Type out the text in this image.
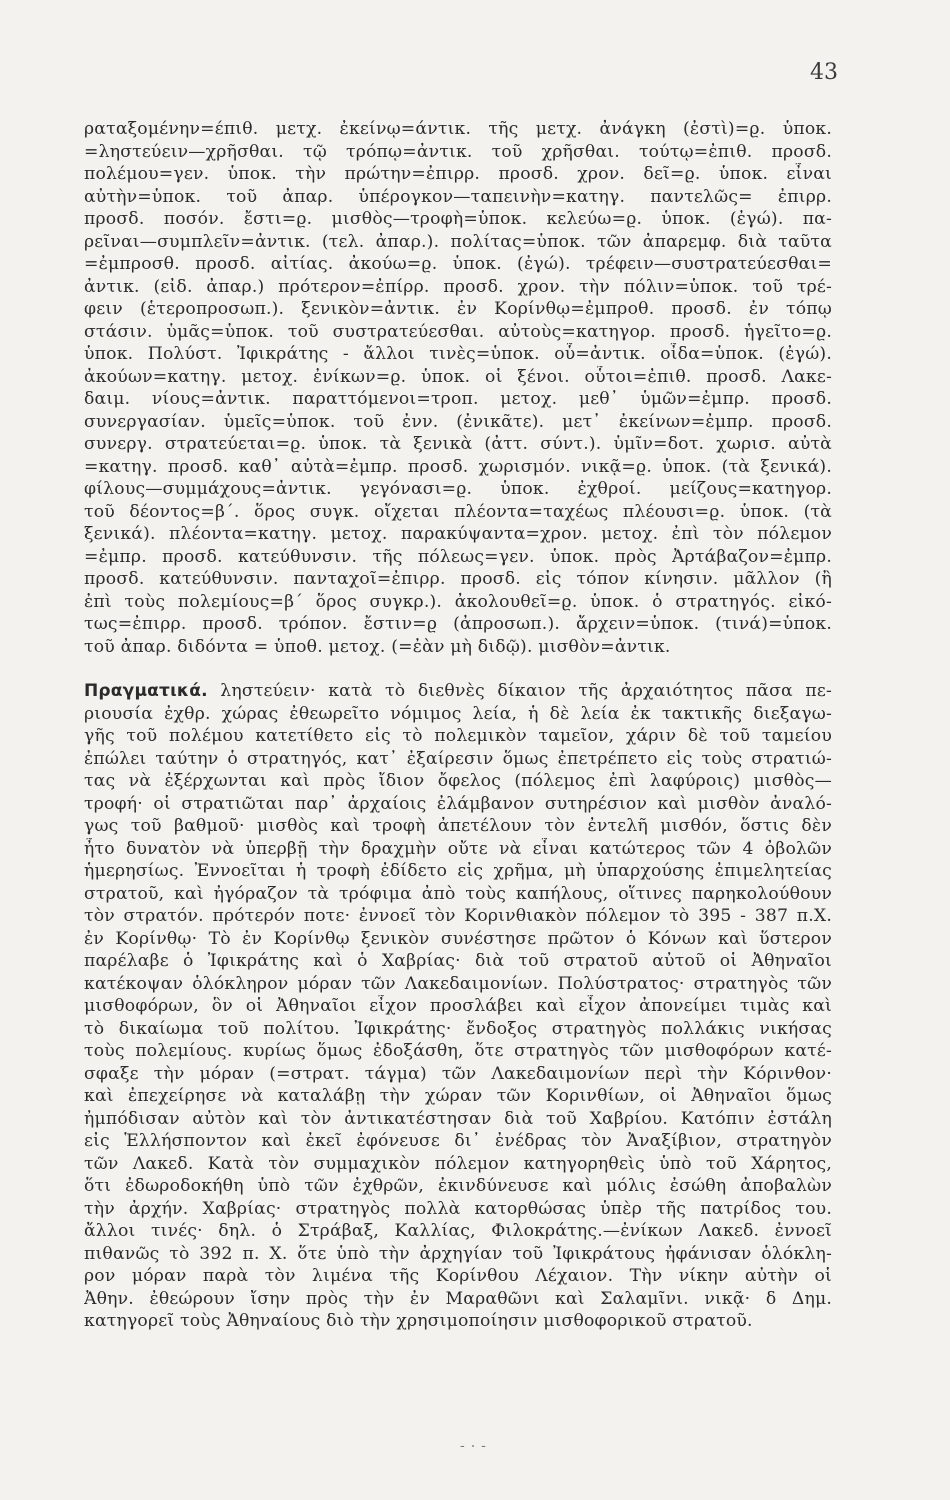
43
ραταξομένην=έπιθ. μετχ. ἐκείνῳ=άντικ. τῆς μετχ. ἀνάγκη (ἐστὶ)=ϱ. ὑποκ.
=ληστεύειν—χρῆσθαι. τῷ τρόπῳ=ἀντικ. τοῦ χρῆσθαι. τούτῳ=ἐπιθ. προσδ.
πολέμου=γεν. ὑποκ. τὴν πρώτην=ἐπιρρ. προσδ. χρον. δεῖ=ϱ. ὑποκ. εἶναι
αὐτὴν=ὑποκ. τοῦ ἀπαρ. ὑπέρογκον—ταπεινὴν=κατηγ. παντελῶς= ἐπιρρ.
προσδ. ποσόν. ἔστι=ϱ. μισθὸς—τροφὴ=ὑποκ. κελεύω=ϱ. ὑποκ. (ἐγώ). πα-
ρεῖναι—συμπλεῖν=ἀντικ. (τελ. ἀπαρ.). πολίτας=ὑποκ. τῶν ἀπαρεμφ. διὰ ταῦτα
=ἐμπροσθ. προσδ. αἰτίας. ἀκούω=ϱ. ὑποκ. (ἐγώ). τρέφειν—συστρατεύεσθαι=
ἀντικ. (εἰδ. ἀπαρ.) πρότερον=ἐπίρρ. προσδ. χρον. τὴν πόλιν=ὑποκ. τοῦ τρέ-
φειν (ἑτεροπροσωπ.). ξενικὸν=ἀντικ. ἐν Κορίνθῳ=ἐμπροθ. προσδ. ἐν τόπῳ
στάσιν. ὑμᾶς=ὑποκ. τοῦ συστρατεύεσθαι. αὐτοὺς=κατηγορ. προσδ. ἡγεῖτο=ϱ.
ὑποκ. Πολύστ. Ἰφικράτης - ἄλλοι τινὲς=ὑποκ. οὗ=ἀντικ. οἶδα=ὑποκ. (ἐγώ).
ἀκούων=κατηγ. μετοχ. ἐνίκων=ϱ. ὑποκ. οἱ ξένοι. οὗτοι=ἐπιθ. προσδ. Λακε-
δαιμ. νίους=ἀντικ. παραττόμενοι=τροπ. μετοχ. μεθ᾽ ὑμῶν=ἐμπρ. προσδ.
συνεργασίαν. ὑμεῖς=ὑποκ. τοῦ ἐνν. (ἐνικᾶτε). μετ᾽ ἐκείνων=ἐμπρ. προσδ.
συνεργ. στρατεύεται=ϱ. ὑποκ. τὰ ξενικὰ (ἀττ. σύντ.). ὑμῖν=δοτ. χωρισ. αὐτὰ
=κατηγ. προσδ. καθ᾽ αὐτὰ=ἐμπρ. προσδ. χωρισμόν. νικᾷ=ϱ. ὑποκ. (τὰ ξενικά).
φίλους—συμμάχους=ἀντικ. γεγόνασι=ϱ. ὑποκ. ἐχθροί. μείζους=κατηγορ.
τοῦ δέοντος=β΄. ὅρος συγκ. οἴχεται πλέοντα=ταχέως πλέουσι=ϱ. ὑποκ. (τὰ
ξενικά). πλέοντα=κατηγ. μετοχ. παρακύψαντα=χρον. μετοχ. ἐπὶ τὸν πόλεμον
=ἐμπρ. προσδ. κατεύθυνσιν. τῆς πόλεως=γεν. ὑποκ. πρὸς Ἀρτάβαζον=ἐμπρ.
προσδ. κατεύθυνσιν. πανταχοῖ=ἐπιρρ. προσδ. εἰς τόπον κίνησιν. μᾶλλον (ἢ
ἐπὶ τοὺς πολεμίους=β΄ ὅρος συγκρ.). ἀκολουθεῖ=ϱ. ὑποκ. ὁ στρατηγός. εἰκό-
τως=ἐπιρρ. προσδ. τρόπον. ἔστιν=ϱ (ἀπροσωπ.). ἄρχειν=ὑποκ. (τινά)=ὑποκ.
τοῦ ἀπαρ. διδόντα = ὑποθ. μετοχ. (=ἐὰν μὴ διδῷ). μισθὸν=ἀντικ.
Πραγματικά. ληστεύειν· κατὰ τὸ διεθνὲς δίκαιον τῆς ἀρχαιότητος πᾶσα πε-
ριουσία ἐχθρ. χώρας ἐθεωρεῖτο νόμιμος λεία, ἡ δὲ λεία ἐκ τακτικῆς διεξαγω-
γῆς τοῦ πολέμου κατετίθετο εἰς τὸ πολεμικὸν ταμεῖον, χάριν δὲ τοῦ ταμείου
ἐπώλει ταύτην ὁ στρατηγός, κατ᾽ ἐξαίρεσιν ὅμως ἐπετρέπετο εἰς τοὺς στρατιώ-
τας νὰ ἐξέρχωνται καὶ πρὸς ἴδιον ὄφελος (πόλεμος ἐπὶ λαφύροις) μισθὸς—
τροφή· οἱ στρατιῶται παρ᾽ ἀρχαίοις ἐλάμβανον συτηρέσιον καὶ μισθὸν ἀναλό-
γως τοῦ βαθμοῦ· μισθὸς καὶ τροφὴ ἀπετέλουν τὸν ἐντελῆ μισθόν, ὅστις δὲν
ἦτο δυνατὸν νὰ ὑπερβῇ τὴν δραχμὴν οὔτε νὰ εἶναι κατώτερος τῶν 4 ὀβολῶν
ἡμερησίως. Ἐννοεῖται ἡ τροφὴ ἐδίδετο εἰς χρῆμα, μὴ ὑπαρχούσης ἐπιμελητείας
στρατοῦ, καὶ ἠγόραζον τὰ τρόφιμα ἀπὸ τοὺς καπήλους, οἵτινες παρηκολούθουν
τὸν στρατόν. πρότερόν ποτε· ἐννοεῖ τὸν Κορινθιακὸν πόλεμον τὸ 395 - 387 π.Χ.
ἐν Κορίνθῳ· Τὸ ἐν Κορίνθῳ ξενικὸν συνέστησε πρῶτον ὁ Κόνων καὶ ὕστερον
παρέλαβε ὁ Ἰφικράτης καὶ ὁ Χαβρίας· διὰ τοῦ στρατοῦ αὐτοῦ οἱ Ἀθηναῖοι
κατέκοψαν ὁλόκληρον μόραν τῶν Λακεδαιμονίων. Πολύστρατος· στρατηγὸς τῶν
μισθοφόρων, ὃν οἱ Ἀθηναῖοι εἶχον προσλάβει καὶ εἶχον ἀπονείμει τιμὰς καὶ
τὸ δικαίωμα τοῦ πολίτου. Ἰφικράτης· ἔνδοξος στρατηγὸς πολλάκις νικήσας
τοὺς πολεμίους. κυρίως ὅμως ἐδοξάσθη, ὅτε στρατηγὸς τῶν μισθοφόρων κατέ-
σφαξε τὴν μόραν (=στρατ. τάγμα) τῶν Λακεδαιμονίων περὶ τὴν Κόρινθον·
καὶ ἐπεχείρησε νὰ καταλάβῃ τὴν χώραν τῶν Κορινθίων, οἱ Ἀθηναῖοι ὅμως
ἠμπόδισαν αὐτὸν καὶ τὸν ἀντικατέστησαν διὰ τοῦ Χαβρίου. Κατόπιν ἐστάλη
εἰς Ἑλλήσποντον καὶ ἐκεῖ ἐφόνευσε δι᾽ ἐνέδρας τὸν Ἀναξίβιον, στρατηγὸν
τῶν Λακεδ. Κατὰ τὸν συμμαχικὸν πόλεμον κατηγορηθεὶς ὑπὸ τοῦ Χάρητος,
ὅτι ἐδωροδοκήθη ὑπὸ τῶν ἐχθρῶν, ἐκινδύνευσε καὶ μόλις ἐσώθη ἀποβαλὼν
τὴν ἀρχήν. Χαβρίας· στρατηγὸς πολλὰ κατορθώσας ὑπὲρ τῆς πατρίδος του.
ἄλλοι τινές· δηλ. ὁ Στράβαξ, Καλλίας, Φιλοκράτης.—ἐνίκων Λακεδ. ἐννοεῖ
πιθανῶς τὸ 392 π. Χ. ὅτε ὑπὸ τὴν ἀρχηγίαν τοῦ Ἰφικράτους ἠφάνισαν ὁλόκλη-
ρον μόραν παρὰ τὸν λιμένα τῆς Κορίνθου Λέχαιον. Τὴν νίκην αὐτὴν οἱ
Ἀθην. ἐθεώρουν ἴσην πρὸς τὴν ἐν Μαραθῶνι καὶ Σαλαμῖνι. νικᾷ· δ Δημ.
κατηγορεῖ τοὺς Ἀθηναίους διὸ τὴν χρησιμοποίησιν μισθοφορικοῦ στρατοῦ.
- ٠ -
